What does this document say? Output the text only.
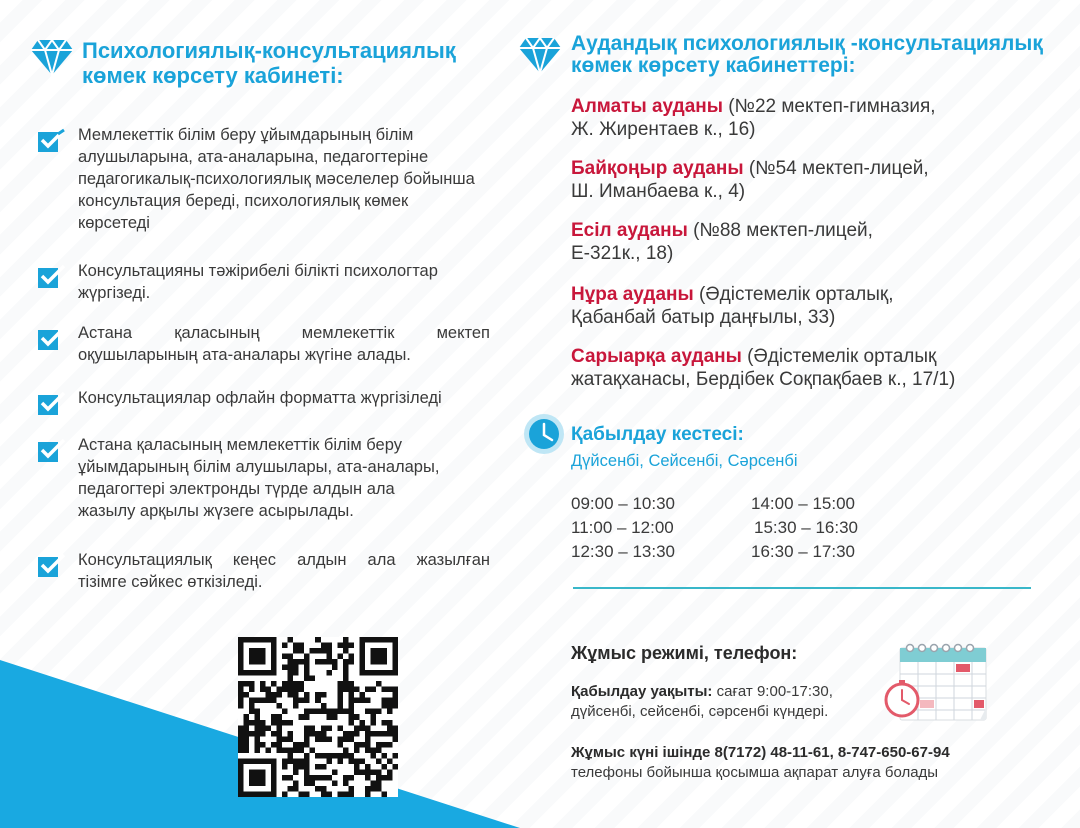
Психологиялық-консультациялық
көмек көрсету кабинеті:
Мемлекеттік білім беру ұйымдарының білім
алушыларына, ата-аналарына, педагогтеріне
педагогикалық-психологиялық мәселелер бойынша
консультация береді, психологиялық көмек
көрсетеді
Консультацияны тәжірибелі білікті психологтар
жүргізеді.
Астана қаласының мемлекеттік мектеп
оқушыларының ата-аналары жүгіне алады.
Консультациялар офлайн форматта жүргізіледі
Астана қаласының мемлекеттік білім беру
ұйымдарының білім алушылары, ата-аналары,
педагогтері электронды түрде алдын ала
жазылу арқылы жүзеге асырылады.
Консультациялық кеңес алдын ала жазылған
тізімге сәйкес өткізіледі.
Аудандық психологиялық -консультациялық
көмек көрсету кабинеттері:
Алматы ауданы (№22 мектеп-гимназия,
Ж. Жирентаев к., 16)
Байқоңыр ауданы (№54 мектеп-лицей,
Ш. Иманбаева к., 4)
Есіл ауданы (№88 мектеп-лицей,
Е-321к., 18)
Нұра ауданы (Әдістемелік орталық,
Қабанбай батыр даңғылы, 33)
Сарыарқа ауданы (Әдістемелік орталық
жатақханасы, Бердібек Соқпақбаев к., 17/1)
Қабылдау кестесі:
Дүйсенбі, Сейсенбі, Сәрсенбі
09:00 – 10:30
11:00 – 12:00
12:30 – 13:30
14:00 – 15:00
15:30 – 16:30
16:30 – 17:30
Жұмыс режимі, телефон:
Қабылдау уақыты: сағат 9:00-17:30,
дүйсенбі, сейсенбі, сәрсенбі күндері.
Жұмыс күні ішінде 8(7172) 48-11-61, 8-747-650-67-94
телефоны бойынша қосымша ақпарат алуға болады
